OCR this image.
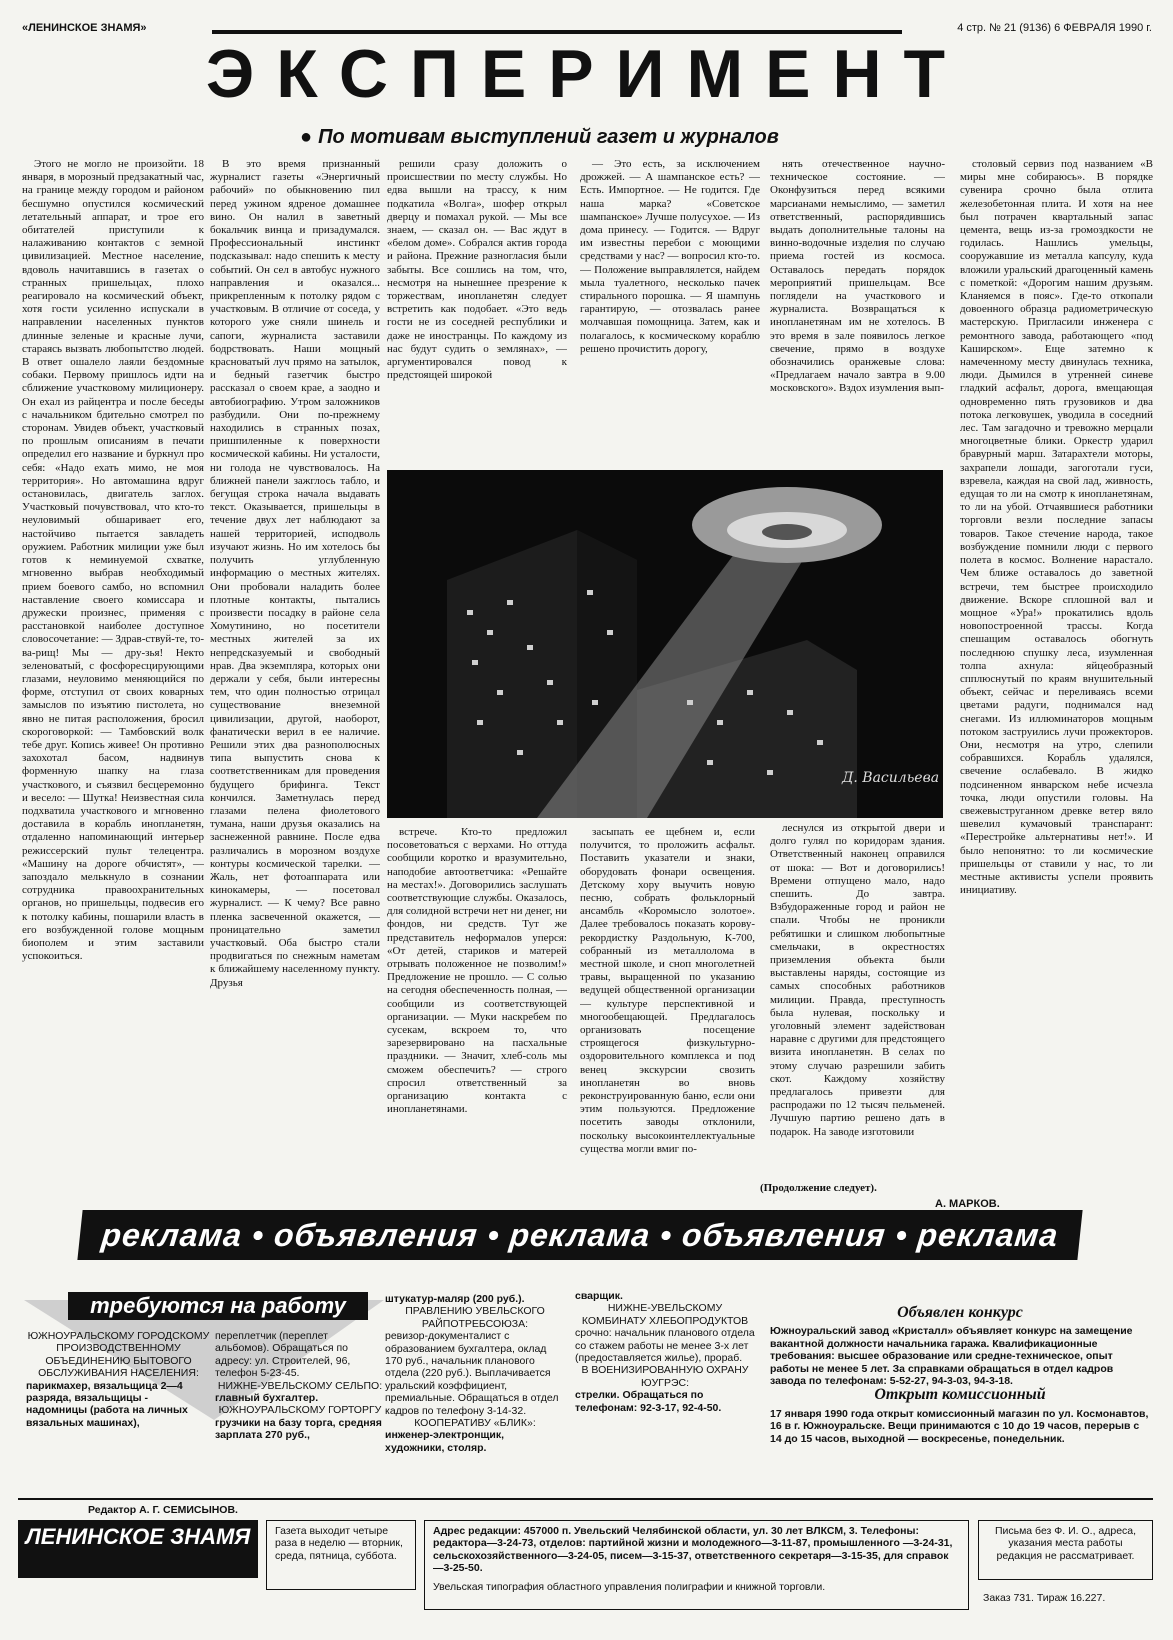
«ЛЕНИНСКОЕ ЗНАМЯ»	4 стр. № 21 (9136) 6 ФЕВРАЛЯ 1990 г.
ЭКСПЕРИМЕНТ
● По мотивам выступлений газет и журналов

Этого не могло не произойти. 18 января, в морозный предзакатный час, на границе между городом и районом бесшумно опустился космический летательный аппарат, и трое его обитателей приступили к налаживанию контактов с земной цивилизацией. Местное население, вдоволь начитавшись в газетах о странных пришельцах, плохо реагировало на космический объект, хотя гости усиленно испускали в направлении населенных пунктов длинные зеленые и красные лучи, стараясь вызвать любопытство людей. В ответ ошалело лаяли бездомные собаки. Первому пришлось идти на сближение участковому милиционеру. Он ехал из райцентра и после беседы с начальником бдительно смотрел по сторонам. Увидев объект, участковый по прошлым описаниям в печати определил его название и буркнул про себя: «Надо ехать мимо, не моя территория». Но автомашина вдруг остановилась, двигатель заглох. Участковый почувствовал, что кто-то неуловимый обшаривает его, настойчиво пытается завладеть оружием. Работник милиции уже был готов к неминуемой схватке, мгновенно выбрав необходимый прием боевого самбо, но вспомнил наставление своего комиссара и дружески произнес, применяя с расстановкой наиболее доступное словосочетание: — Здрав-ствуй-те, то-ва-рищ! Мы — дру-зья! Некто зеленоватый, с фосфоресцирующими глазами, неуловимо меняющийся по форме, отступил от своих коварных замыслов по изъятию пистолета, но явно не питая расположения, бросил скороговоркой: — Тамбовский волк тебе друг. Копись живее! Он противно захохотал басом, надвинув форменную шапку на глаза участкового, и съязвил бесцеремонно и весело: — Шутка! Неизвестная сила подхватила участкового и мгновенно доставила в корабль инопланетян, отдаленно напоминающий интерьер режиссерский пульт телецентра. «Машину на дороге обчистят», — запоздало мелькнуло в сознании сотрудника правоохранительных органов, но пришельцы, подвесив его к потолку кабины, пошарили власть в его возбужденной голове мощным биополем и этим заставили успокоиться.

В это время признанный журналист газеты «Энергичный рабочий» по обыкновению пил перед ужином ядреное домашнее вино. Он налил в заветный бокальчик винца и призадумался. Профессиональный инстинкт подсказывал: надо спешить к месту событий. Он сел в автобус нужного направления и оказался... прикрепленным к потолку рядом с участковым. В отличие от соседа, у которого уже сняли шинель и сапоги, журналиста заставили бодрствовать. Наши мощный красноватый луч прямо на затылок, и бедный газетчик быстро рассказал о своем крае, а заодно и автобиографию. Утром заложников разбудили. Они по-прежнему находились в странных позах, пришпиленные к поверхности космической кабины. Ни усталости, ни голода не чувствовалось. На ближней панели зажглось табло, и бегущая строка начала выдавать текст. Оказывается, пришельцы в течение двух лет наблюдают за нашей территорией, исподволь изучают жизнь. Но им хотелось бы получить углубленную информацию о местных жителях. Они пробовали наладить более плотные контакты, пытались произвести посадку в районе села Хомутинино, но посетители местных жителей за их непредсказуемый и свободный нрав. Два экземпляра, которых они держали у себя, были интересны тем, что один полностью отрицал существование внеземной цивилизации, другой, наоборот, фанатически верил в ее наличие. Решили этих два разнополюсных типа выпустить снова к соответственникам для проведения будущего брифинга. Текст кончился. Заметнулась перед глазами пелена фиолетового тумана, наши друзья оказались на заснеженной равнине. После едва различались в морозном воздухе контуры космической тарелки. — Жаль, нет фотоаппарата или кинокамеры, — посетовал журналист. — К чему? Все равно пленка засвеченной окажется, — проницательно заметил участковый. Оба быстро стали продвигаться по снежным наметам к ближайшему населенному пункту. Друзья

решили сразу доложить о происшествии по месту службы. Но едва вышли на трассу, к ним подкатила «Волга», шофер открыл дверцу и помахал рукой. — Мы все знаем, — сказал он. — Вас ждут в «белом доме». Собрался актив города и района. Прежние разногласия были забыты. Все сошлись на том, что, несмотря на нынешнее презрение к торжествам, инопланетян следует встретить как подобает. «Это ведь гости не из соседней республики и даже не иностранцы. По каждому из нас будут судить о землянах», — аргументировался повод к предстоящей широкой

— Это есть, за исключением дрожжей. — А шампанское есть? — Есть. Импортное. — Не годится. Где наша марка? «Советское шампанское» Лучше полусухое. — Из дома принесу. — Годится. — Вдруг им известны перебои с моющими средствами у нас? — вопросил кто-то. — Положение выправлялется, найдем мыла туалетного, несколько пачек стирального порошка. — Я шампунь гарантирую, — отозвалась ранее молчавшая помощница. Затем, как и полагалось, к космическому кораблю решено прочистить дорогу,

нять отечественное научно-техническое состояние. — Оконфузиться перед всякими марсианами немыслимо, — заметил ответственный, распорядившись выдать дополнительные талоны на винно-водочные изделия по случаю приема гостей из космоса. Оставалось передать порядок мероприятий пришельцам. Все поглядели на участкового и журналиста. Возвращаться к инопланетянам им не хотелось. В это время в зале появилось легкое свечение, прямо в воздухе обозначились оранжевые слова: «Предлагаем начало завтра в 9.00 московского». Вздох изумления вып-

столовый сервиз под названием «В миры мне собираюсь». В порядке сувенира срочно была отлита железобетонная плита. И хотя на нее был потрачен квартальный запас цемента, вещь из-за громоздкости не годилась. Нашлись умельцы, сооружавшие из металла капсулу, куда вложили уральский драгоценный камень с пометкой: «Дорогим нашим друзьям. Кланяемся в пояс». Где-то откопали довоенного образца радиометрическую мастерскую. Пригласили инженера с ремонтного завода, работающего «под Каширском». Еще затемно к намеченному месту двинулась техника, люди. Дымился в утренней синеве гладкий асфальт, дорога, вмещающая одновременно пять грузовиков и два потока легковушек, уводила в соседний лес. Там загадочно и тревожно мерцали многоцветные блики. Оркестр ударил бравурный марш. Затарахтели моторы, захрапели лошади, загоготали гуси, взревела, каждая на свой лад, живность, едущая то ли на смотр к инопланетянам, то ли на убой. Отчаявшиеся работники торговли везли последние запасы товаров. Такое стечение народа, такое возбуждение помнили люди с первого полета в космос. Волнение нарастало. Чем ближе оставалось до заветной встречи, тем быстрее происходило движение. Вскоре сплошной вал и мощное «Ура!» прокатились вдоль новопостроенной трассы. Когда спешащим оставалось обогнуть последнюю спушку леса, изумленная толпа ахнула: яйцеобразный спплюснутый по краям внушительный объект, сейчас и переливаясь всеми цветами радуги, поднимался над снегами. Из иллюминаторов мощным потоком заструились лучи прожекторов. Они, несмотря на утро, слепили собравшихся. Корабль удалялся, свечение ослабевало. В жидко подсиненном январском небе исчезла точка, люди опустили головы. На свежевыструганном древке ветер вяло шевелил кумачовый транспарант: «Перестройке альтернативы нет!». И было непонятно: то ли космические пришельцы от ставили у нас, то ли местные активисты успели проявить инициативу.

Д. Васильева

встрече. Кто-то предложил посоветоваться с верхами. Но оттуда сообщили коротко и вразумительно, наподобие автоответчика: «Решайте на местах!». Договорились заслушать соответствующие службы. Оказалось, для солидной встречи нет ни денег, ни фондов, ни средств. Тут же представитель неформалов уперся: «От детей, стариков и матерей отрывать положенное не позволим!» Предложение не прошло. — С солью на сегодня обеспеченность полная, — сообщили из соответствующей организации. — Муки наскребем по сусекам, вскроем то, что зарезервировано на пасхальные праздники. — Значит, хлеб-соль мы сможем обеспечить? — строго спросил ответственный за организацию контакта с инопланетянами.

засыпать ее щебнем и, если получится, то проложить асфальт. Поставить указатели и знаки, оборудовать фонари освещения. Детскому хору выучить новую песню, собрать фольклорный ансамбль «Коромысло золотое». Далее требовалось показать корову-рекордистку Раздольную, К-700, собранный из металлолома в местной школе, и сноп многолетней травы, выращенной по указанию ведущей общественной организации — культуре перспективной и многообещающей. Предлагалось организовать посещение строящегося физкультурно-оздоровительного комплекса и под венец экскурсии свозить инопланетян во вновь реконструированную баню, если они этим пользуются. Предложение посетить заводы отклонили, поскольку высокоинтеллектуальные существа могли вмиг по-

леснулся из открытой двери и долго гулял по коридорам здания. Ответственный наконец оправился от шока: — Вот и договорились! Времени отпущено мало, надо спешить. До завтра. Взбудораженные город и район не спали. Чтобы не проникли ребятишки и слишком любопытные смельчаки, в окрестностях приземления объекта были выставлены наряды, состоящие из самых способных работников милиции. Правда, преступность была нулевая, поскольку и уголовный элемент задействован наравне с другими для предстоящего визита инопланетян. В селах по этому случаю разрешили забить скот. Каждому хозяйству предлагалось привезти для распродажи по 12 тысяч пельменей. Лучшую партию решено дать в подарок. На заводе изготовили

(Продолжение следует).
А. МАРКОВ.
реклама • объявления • реклама • объявления • реклама
требуются на работу
ЮЖНОУРАЛЬСКОМУ ГОРОДСКОМУ ПРОИЗВОДСТВЕННОМУ ОБЪЕДИНЕНИЮ БЫТОВОГО ОБСЛУЖИВАНИЯ НАСЕЛЕНИЯ:
парикмахер, вязальщица 2—4 разряда, вязальщицы - надомницы (работа на личных вязальных машинах),
переплетчик (переплет альбомов). Обращаться по адресу: ул. Строителей, 96, телефон 5-23-45.
НИЖНЕ-УВЕЛЬСКОМУ СЕЛЬПО:
главный бухгалтер.
ЮЖНОУРАЛЬСКОМУ ГОРТОРГУ
грузчики на базу торга, средняя зарплата 270 руб.,
штукатур-маляр (200 руб.).
ПРАВЛЕНИЮ УВЕЛЬСКОГО РАЙПОТРЕБСОЮЗА:
ревизор-документалист с образованием бухгалтера, оклад 170 руб., начальник планового отдела (220 руб.). Выплачивается уральский коэффициент, премиальные. Обращаться в отдел кадров по телефону 3-14-32.
КООПЕРАТИВУ «БЛИК»:
инженер-электронщик, художники, столяр.
сварщик.
НИЖНЕ-УВЕЛЬСКОМУ КОМБИНАТУ ХЛЕБОПРОДУКТОВ
срочно: начальник планового отдела со стажем работы не менее 3-х лет (предоставляется жилье), прораб.
В ВОЕНИЗИРОВАННУЮ ОХРАНУ ЮУГРЭС:
стрелки. Обращаться по телефонам: 92-3-17, 92-4-50.
Объявлен конкурс
Южноуральский завод «Кристалл» объявляет конкурс на замещение вакантной должности начальника гаража. Квалификационные требования: высшее образование или средне-техническое, опыт работы не менее 5 лет. За справками обращаться в отдел кадров завода по телефонам: 5-52-27, 94-3-03, 94-3-18.
Открыт комиссионный
17 января 1990 года открыт комиссионный магазин по ул. Космонавтов, 16 в г. Южноуральске. Вещи принимаются с 10 до 19 часов, перерыв с 14 до 15 часов, выходной — воскресенье, понедельник.
Редактор А. Г. СЕМИСЫНОВ.
ЛЕНИНСКОЕ ЗНАМЯ	Газета выходит четыре раза в неделю — вторник, среда, пятница, суббота.
Адрес редакции: 457000 п. Увельский Челябинской области, ул. 30 лет ВЛКСМ, 3. Телефоны: редактора—3-24-73, отделов: партийной жизни и молодежного—3-11-87, промышленного —3-24-31, сельскохозяйственного—3-24-05, писем—3-15-37, ответственного секретаря—3-15-35, для справок —3-25-50.
Увельская типография областного управления полиграфии и книжной торговли.
Письма без Ф. И. О., адреса, указания места работы редакция не рассматривает.
Заказ 731. Тираж 16.227.
